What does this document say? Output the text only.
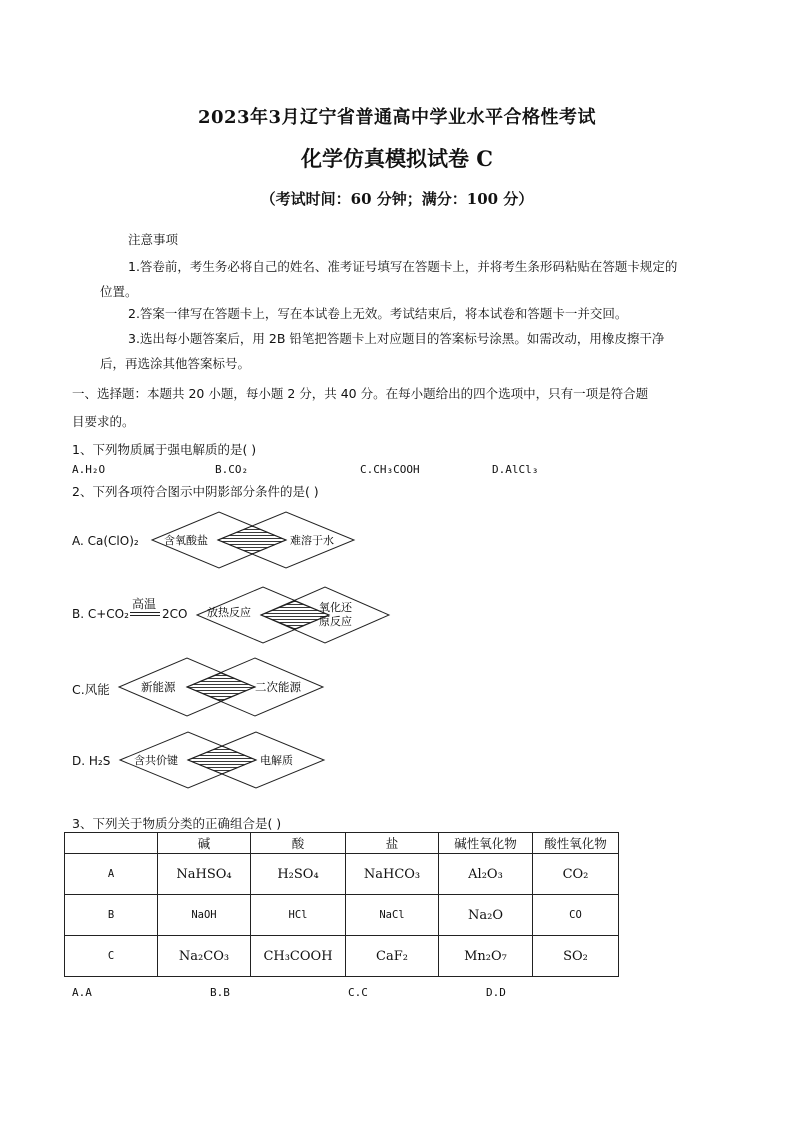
2023年3月辽宁省普通高中学业水平合格性考试
化学仿真模拟试卷 C
（考试时间：60 分钟；满分：100 分）
注意事项
1.答卷前，考生务必将自己的姓名、准考证号填写在答题卡上，并将考生条形码粘贴在答题卡规定的
位置。
2.答案一律写在答题卡上，写在本试卷上无效。考试结束后，将本试卷和答题卡一并交回。
3.选出每小题答案后，用 2B 铅笔把答题卡上对应题目的答案标号涂黑。如需改动，用橡皮擦干净
后，再选涂其他答案标号。
一、选择题：本题共 20 小题，每小题 2 分，共 40 分。在每小题给出的四个选项中，只有一项是符合题
目要求的。
1、下列物质属于强电解质的是( )
A.H₂O	B.CO₂	C.CH₃COOH	D.AlCl₃
2、下列各项符合图示中阴影部分条件的是( )
A. Ca(ClO)₂ 含氧酸盐	难溶于水
B. C+CO₂
高温
2CO 放热反应	氧化还
原反应
C.风能	新能源	二次能源
D. H₂S 含共价键	电解质
3、下列关于物质分类的正确组合是( )
	碱	酸	盐	碱性氧化物	酸性氧化物
A	NaHSO₄	H₂SO₄	NaHCO₃	Al₂O₃	CO₂
B	NaOH	HCl	NaCl	Na₂O	CO
C	Na₂CO₃	CH₃COOH	CaF₂	Mn₂O₇	SO₂
A.A	B.B	C.C	D.D
